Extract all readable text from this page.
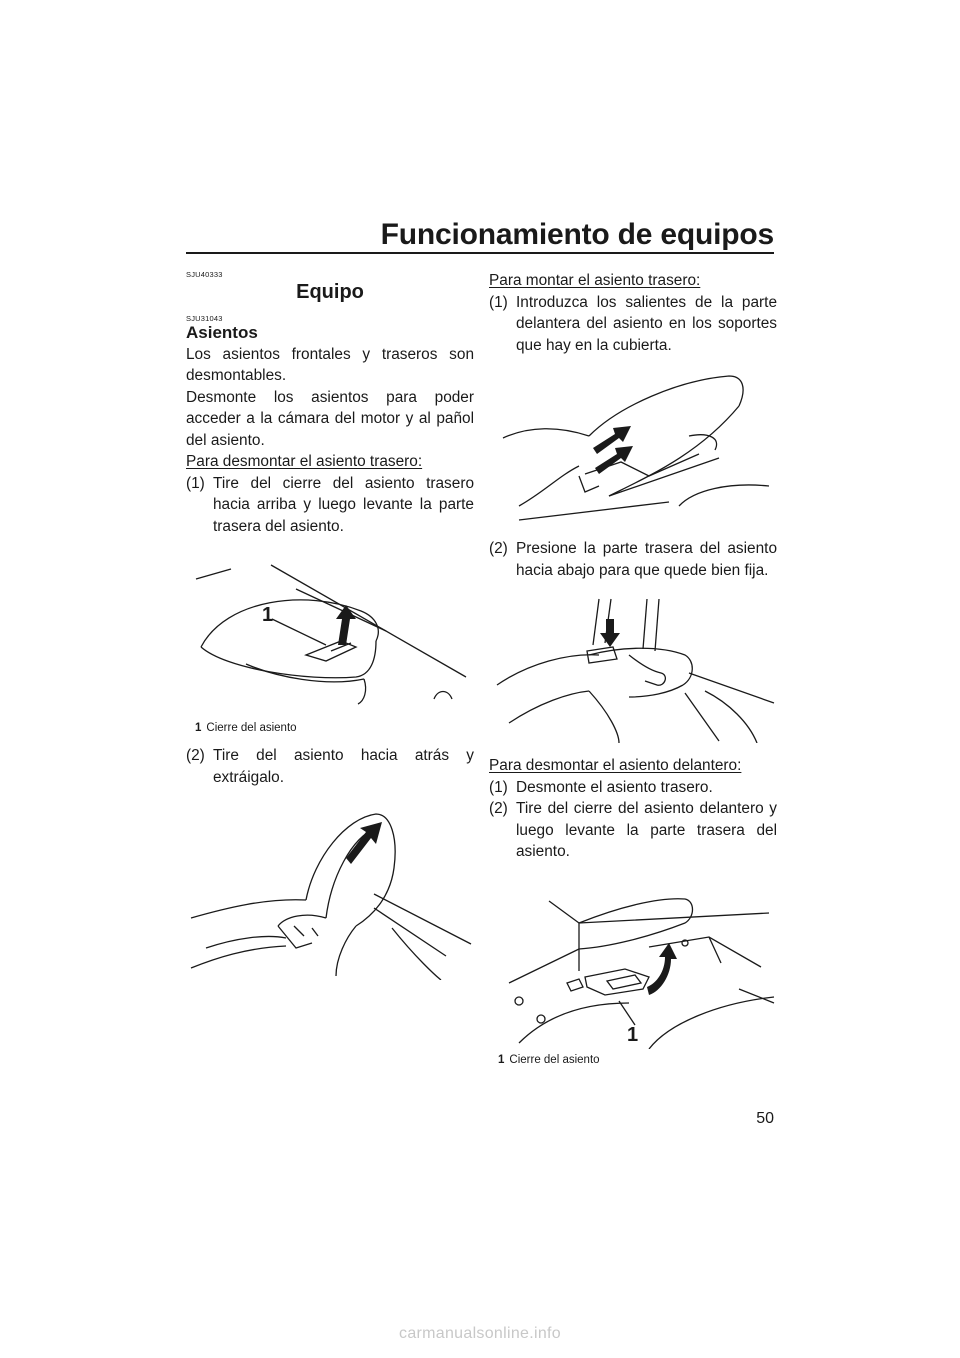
Funcionamiento de equipos
SJU40333
Equipo
SJU31043
Asientos

Los asientos frontales y traseros son desmontables.

Desmonte los asientos para poder acceder a la cámara del motor y al pañol del asiento.

Para desmontar el asiento trasero:
(1) Tire del cierre del asiento trasero hacia arriba y luego levante la parte trasera del asiento.
1
1 Cierre del asiento
(2) Tire del asiento hacia atrás y extráigalo.
Para montar el asiento trasero:
(1) Introduzca los salientes de la parte delantera del asiento en los soportes que hay en la cubierta.
(2) Presione la parte trasera del asiento hacia abajo para que quede bien fija.
Para desmontar el asiento delantero:
(1) Desmonte el asiento trasero.
(2) Tire del cierre del asiento delantero y luego levante la parte trasera del asiento.
1
1 Cierre del asiento
50
carmanualsonline.info
